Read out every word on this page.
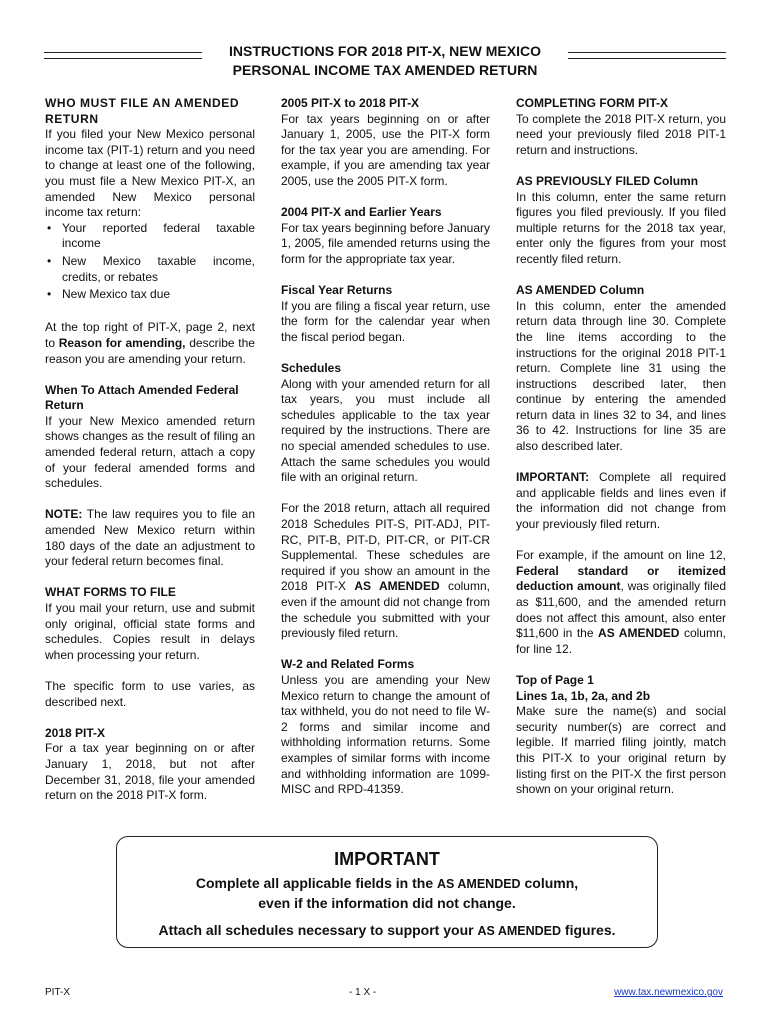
INSTRUCTIONS FOR 2018 PIT-X, NEW MEXICO
PERSONAL INCOME TAX AMENDED RETURN
WHO MUST FILE AN AMENDED RETURN

If you filed your New Mexico personal income tax (PIT-1) return and you need to change at least one of the following, you must file a New Mexico PIT-X, an amended New Mexico personal income tax return:

• Your reported federal taxable income
• New Mexico taxable income, credits, or rebates
• New Mexico tax due

At the top right of PIT-X, page 2, next to Reason for amending, describe the reason you are amending your return.

When To Attach Amended Federal Return

If your New Mexico amended return shows changes as the result of filing an amended federal return, attach a copy of your federal amended forms and schedules.

NOTE: The law requires you to file an amended New Mexico return within 180 days of the date an adjustment to your federal return becomes final.

WHAT FORMS TO FILE

If you mail your return, use and submit only original, official state forms and schedules. Copies result in delays when processing your return.

The specific form to use varies, as described next.

2018 PIT-X

For a tax year beginning on or after January 1, 2018, but not after December 31, 2018, file your amended return on the 2018 PIT-X form.

2005 PIT-X to 2018 PIT-X

For tax years beginning on or after January 1, 2005, use the PIT-X form for the tax year you are amending. For example, if you are amending tax year 2005, use the 2005 PIT-X form.

2004 PIT-X and Earlier Years

For tax years beginning before January 1, 2005, file amended returns using the form for the appropriate tax year.

Fiscal Year Returns

If you are filing a fiscal year return, use the form for the calendar year when the fiscal period began.

Schedules

Along with your amended return for all tax years, you must include all schedules applicable to the tax year required by the instructions. There are no special amended schedules to use. Attach the same schedules you would file with an original return.

For the 2018 return, attach all required 2018 Schedules PIT-S, PIT-ADJ, PIT-RC, PIT-B, PIT-D, PIT-CR, or PIT-CR Supplemental. These schedules are required if you show an amount in the 2018 PIT-X AS AMENDED column, even if the amount did not change from the schedule you submitted with your previously filed return.

W-2 and Related Forms

Unless you are amending your New Mexico return to change the amount of tax withheld, you do not need to file W-2 forms and similar income and withholding information returns. Some examples of similar forms with income and withholding information are 1099-MISC and RPD-41359.

COMPLETING FORM PIT-X

To complete the 2018 PIT-X return, you need your previously filed 2018 PIT-1 return and instructions.

AS PREVIOUSLY FILED Column

In this column, enter the same return figures you filed previously. If you filed multiple returns for the 2018 tax year, enter only the figures from your most recently filed return.

AS AMENDED Column

In this column, enter the amended return data through line 30. Complete the line items according to the instructions for the original 2018 PIT-1 return. Complete line 31 using the instructions described later, then continue by entering the amended return data in lines 32 to 34, and lines 36 to 42. Instructions for line 35 are also described later.

IMPORTANT: Complete all required and applicable fields and lines even if the information did not change from your previously filed return.

For example, if the amount on line 12, Federal standard or itemized deduction amount, was originally filed as $11,600, and the amended return does not affect this amount, also enter $11,600 in the AS AMENDED column, for line 12.

Top of Page 1
Lines 1a, 1b, 2a, and 2b

Make sure the name(s) and social security number(s) are correct and legible. If married filing jointly, match this PIT-X to your original return by listing first on the PIT-X the first person shown on your original return.

IMPORTANT
Complete all applicable fields in the AS AMENDED column,
even if the information did not change.
Attach all schedules necessary to support your AS AMENDED figures.
PIT-X	- 1 X -	www.tax.newmexico.gov
